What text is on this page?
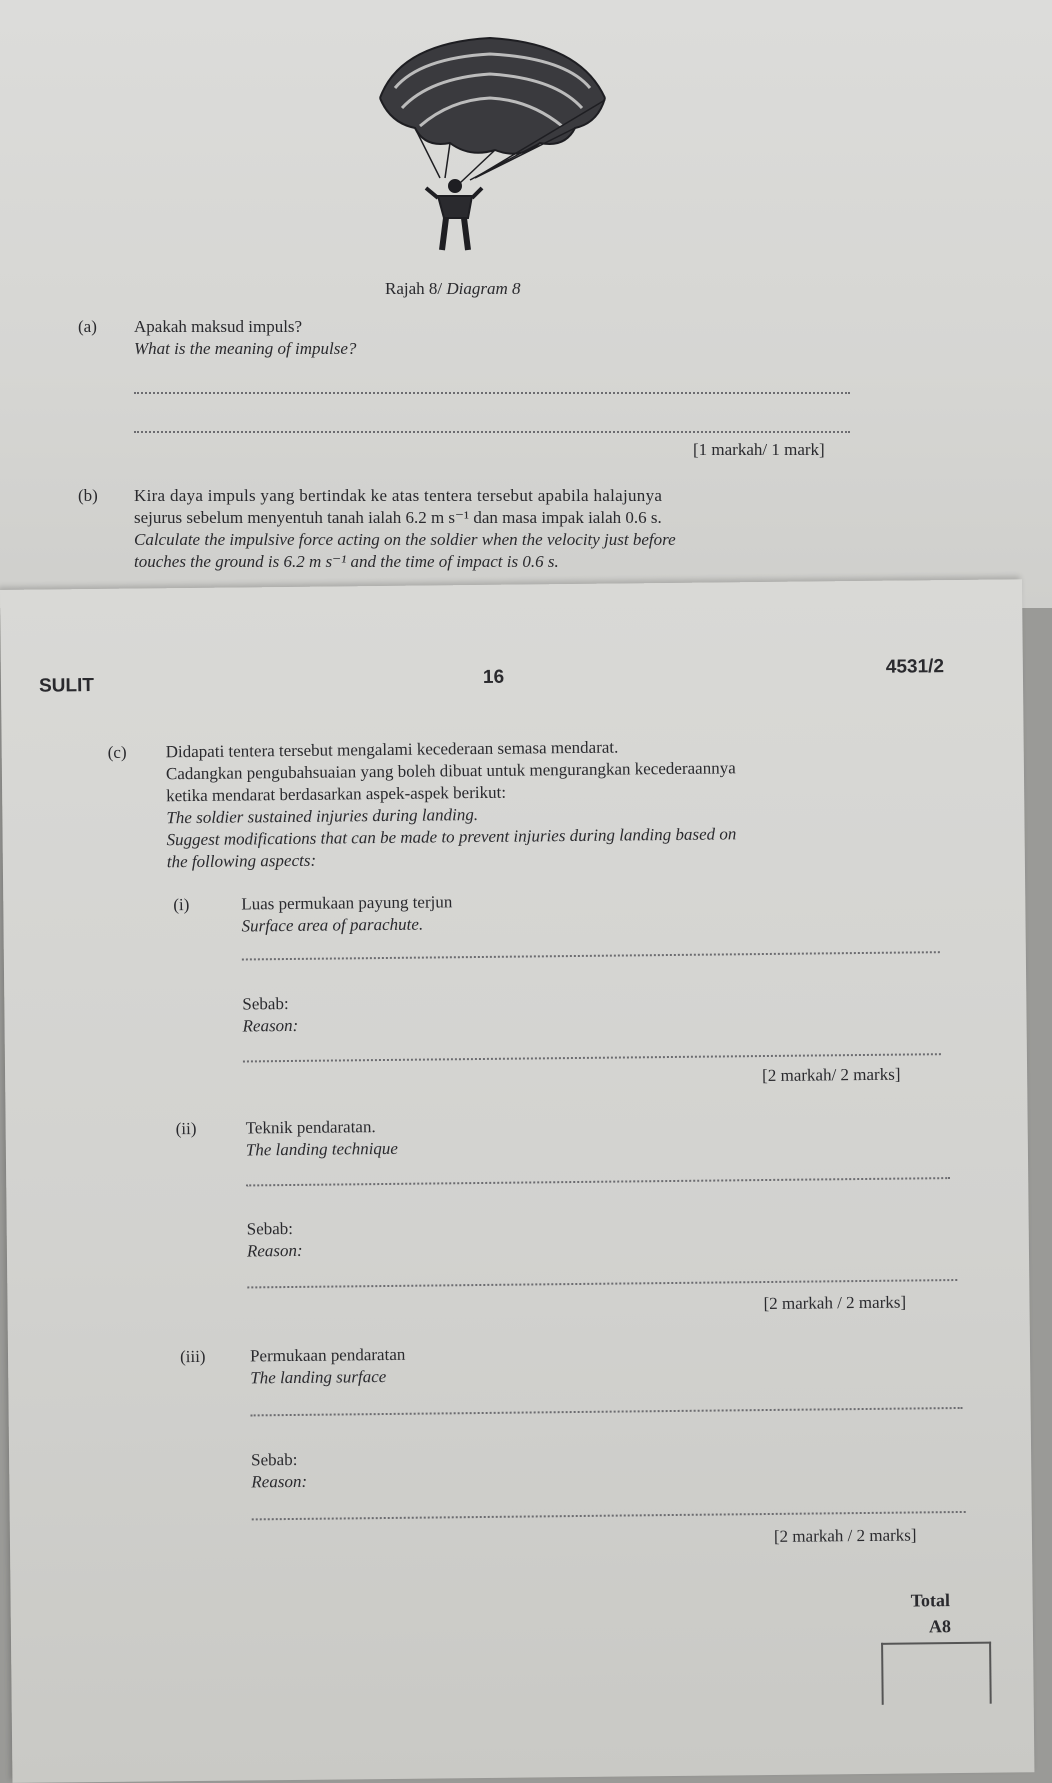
Rajah 8/ Diagram 8
(a) Apakah maksud impuls?
What is the meaning of impulse?
[1 markah/ 1 mark]
(b) Kira daya impuls yang bertindak ke atas tentera tersebut apabila halajunya
sejurus sebelum menyentuh tanah ialah 6.2 m s⁻¹ dan masa impak ialah 0.6 s.
Calculate the impulsive force acting on the soldier when the velocity just before
touches the ground is 6.2 m s⁻¹ and the time of impact is 0.6 s.
SULIT	16	4531/2
(c) Didapati tentera tersebut mengalami kecederaan semasa mendarat.
Cadangkan pengubahsuaian yang boleh dibuat untuk mengurangkan kecederaannya
ketika mendarat berdasarkan aspek-aspek berikut:
The soldier sustained injuries during landing.
Suggest modifications that can be made to prevent injuries during landing based on
the following aspects:
(i)	Luas permukaan payung terjun
Surface area of parachute.
Sebab:
Reason:
[2 markah/ 2 marks]
(ii)	Teknik pendaratan.
The landing technique
Sebab:
Reason:
[2 markah / 2 marks]
(iii)	Permukaan pendaratan
The landing surface
Sebab:
Reason:
[2 markah / 2 marks]
Total
A8
